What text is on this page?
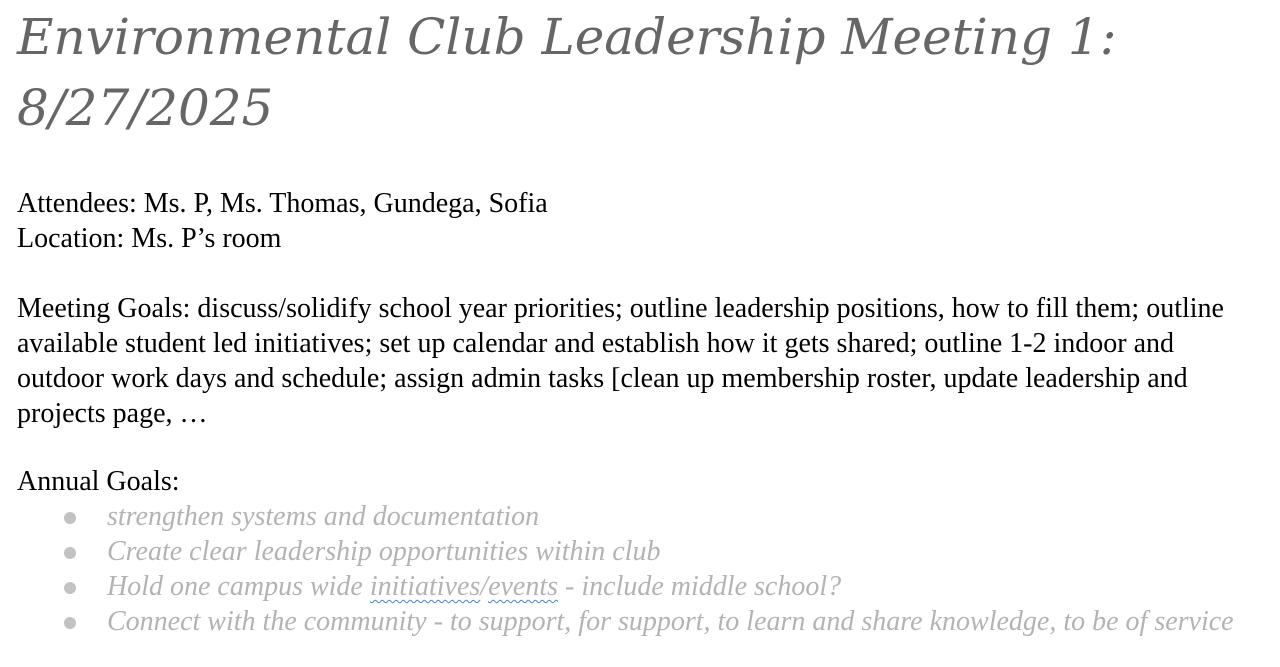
Environmental Club Leadership Meeting 1: 8/27/2025

Attendees: Ms. P, Ms. Thomas, Gundega, Sofia

Location: Ms. P’s room

Meeting Goals: discuss/solidify school year priorities; outline leadership positions, how to fill them; outline available student led initiatives; set up calendar and establish how it gets shared; outline 1-2 indoor and outdoor work days and schedule; assign admin tasks [clean up membership roster, update leadership and projects page, …

Annual Goals:

strengthen systems and documentation
Create clear leadership opportunities within club
Hold one campus wide initiatives/events - include middle school?
Connect with the community - to support, for support, to learn and share knowledge, to be of service
